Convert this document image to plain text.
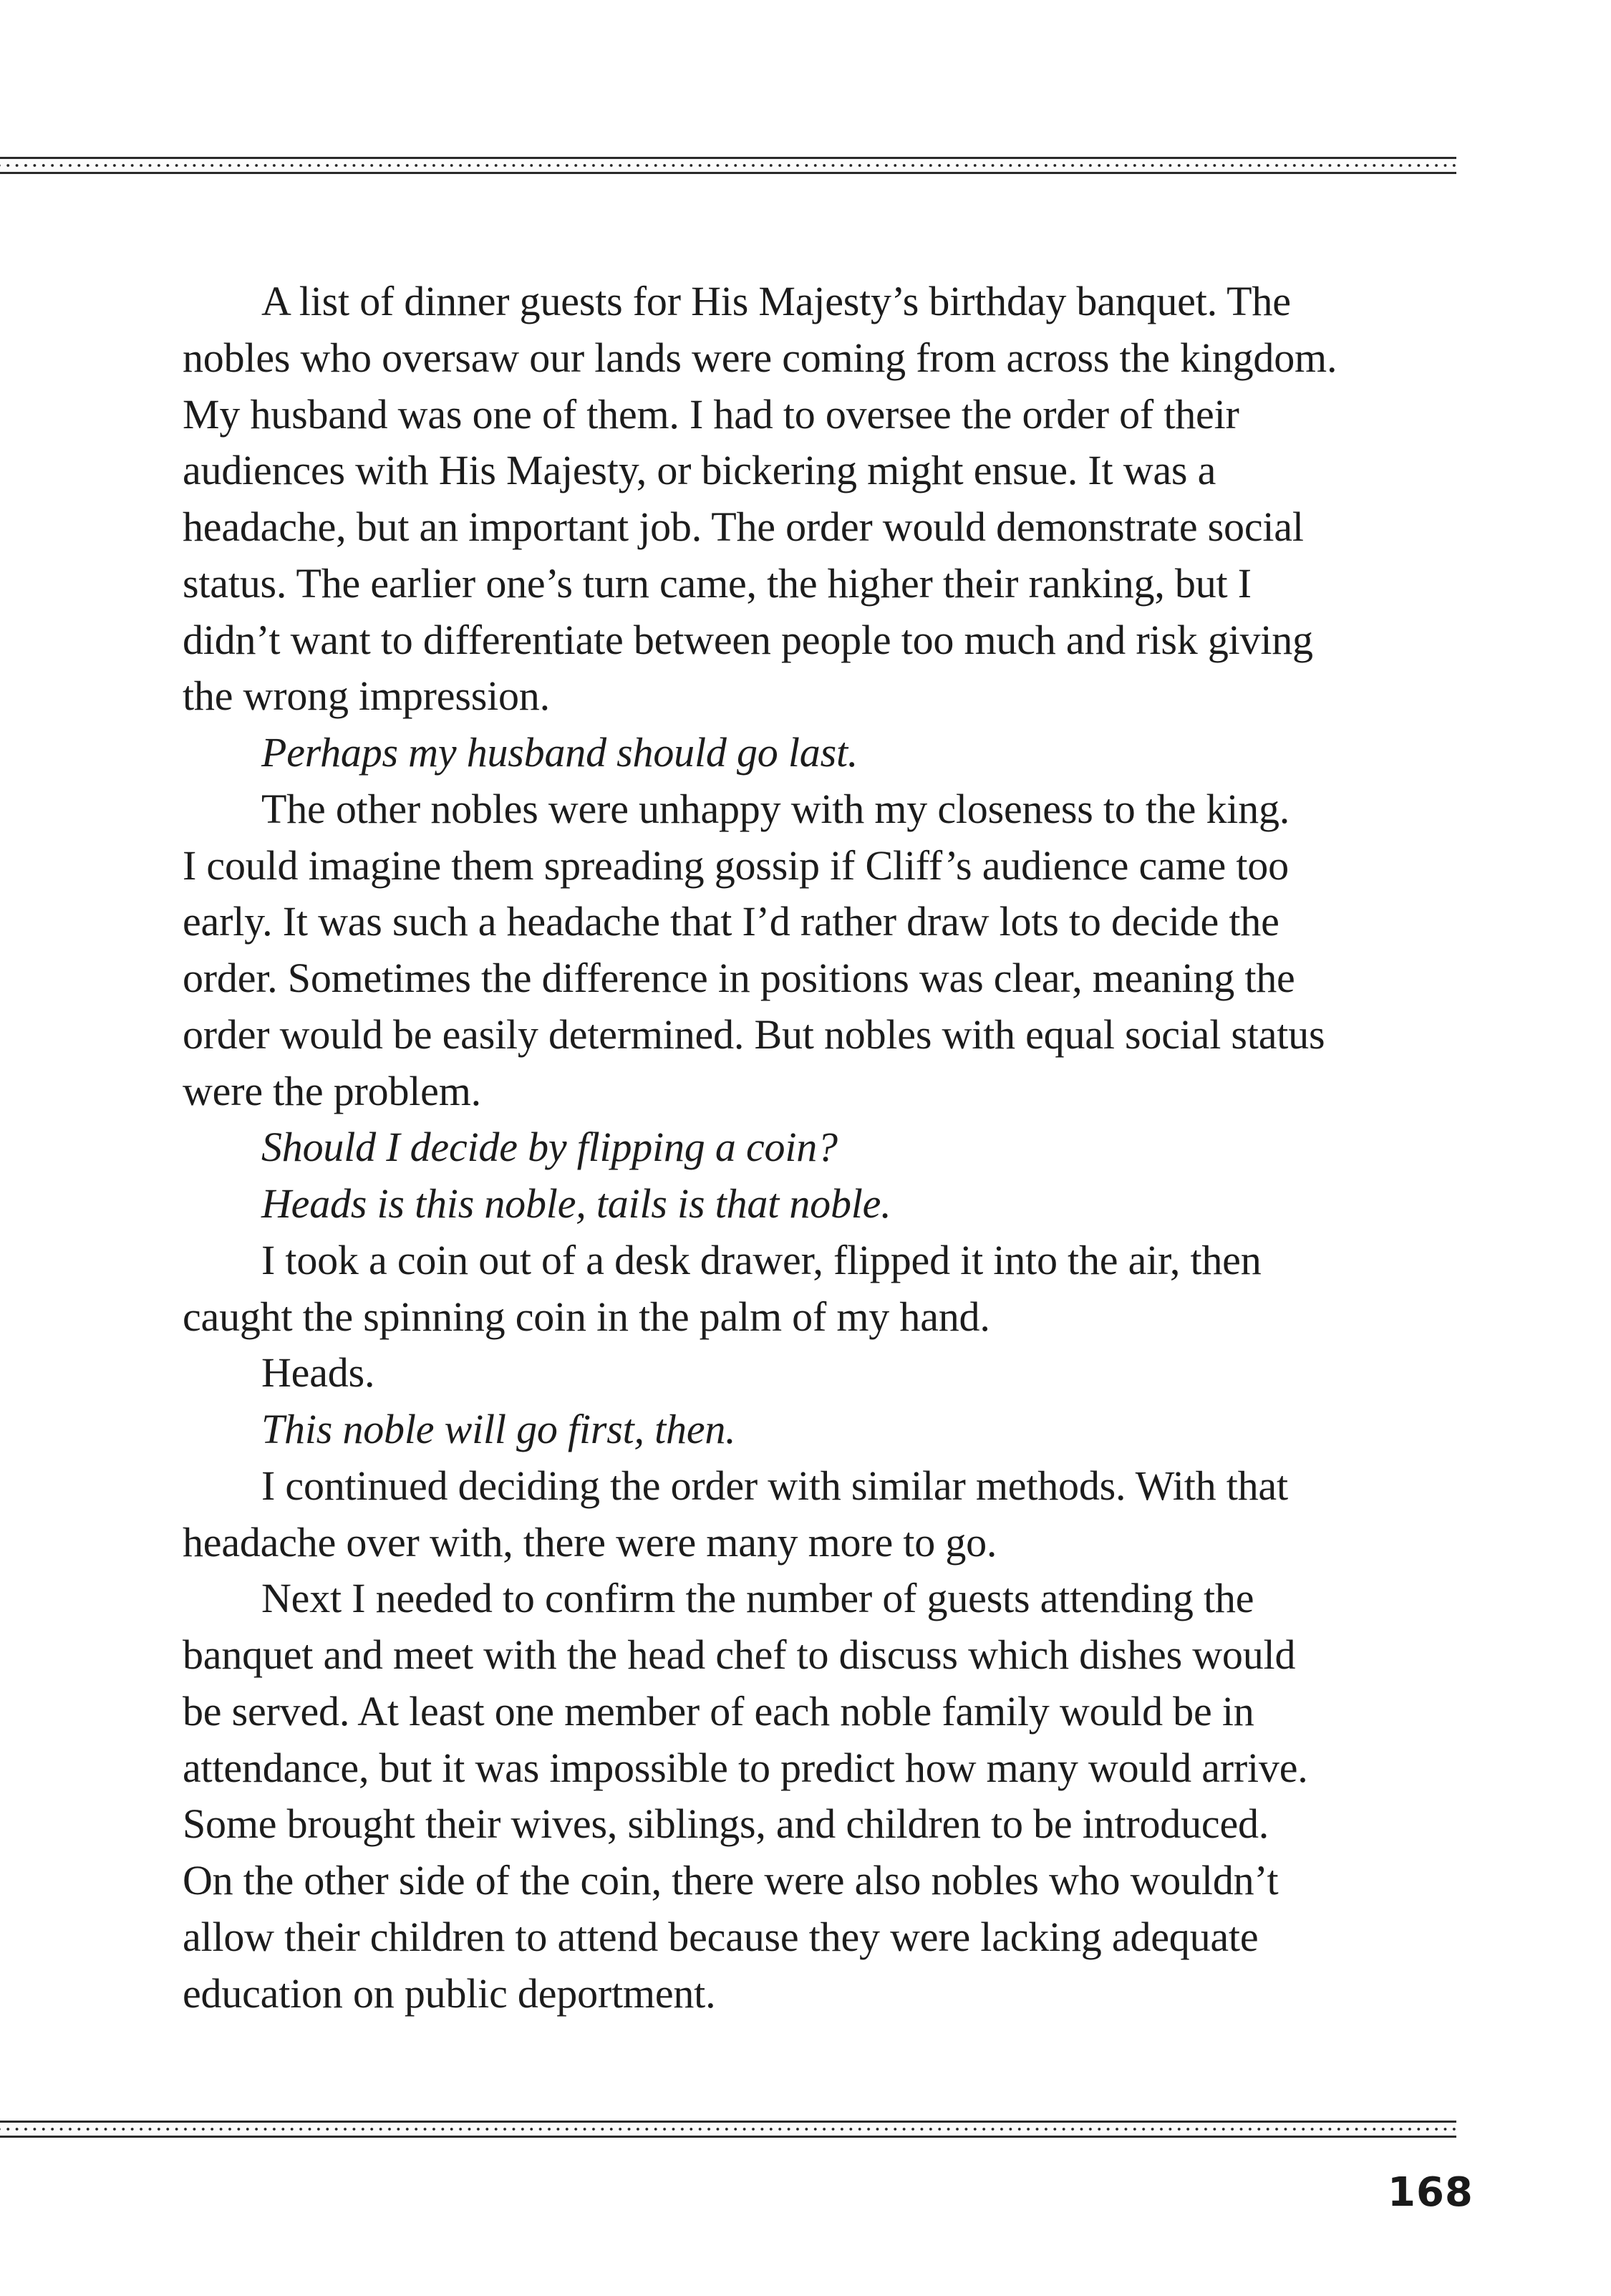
A list of dinner guests for His Majesty’s birthday banquet. The
nobles who oversaw our lands were coming from across the kingdom.
My husband was one of them. I had to oversee the order of their
audiences with His Majesty, or bickering might ensue. It was a
headache, but an important job. The order would demonstrate social
status. The earlier one’s turn came, the higher their ranking, but I
didn’t want to differentiate between people too much and risk giving
the wrong impression.

Perhaps my husband should go last.

The other nobles were unhappy with my closeness to the king.
I could imagine them spreading gossip if Cliff’s audience came too
early. It was such a headache that I’d rather draw lots to decide the
order. Sometimes the difference in positions was clear, meaning the
order would be easily determined. But nobles with equal social status
were the problem.

Should I decide by flipping a coin?

Heads is this noble, tails is that noble.

I took a coin out of a desk drawer, flipped it into the air, then
caught the spinning coin in the palm of my hand.

Heads.

This noble will go first, then.

I continued deciding the order with similar methods. With that
headache over with, there were many more to go.

Next I needed to confirm the number of guests attending the
banquet and meet with the head chef to discuss which dishes would
be served. At least one member of each noble family would be in
attendance, but it was impossible to predict how many would arrive.
Some brought their wives, siblings, and children to be introduced.
On the other side of the coin, there were also nobles who wouldn’t
allow their children to attend because they were lacking adequate
education on public deportment.

168
